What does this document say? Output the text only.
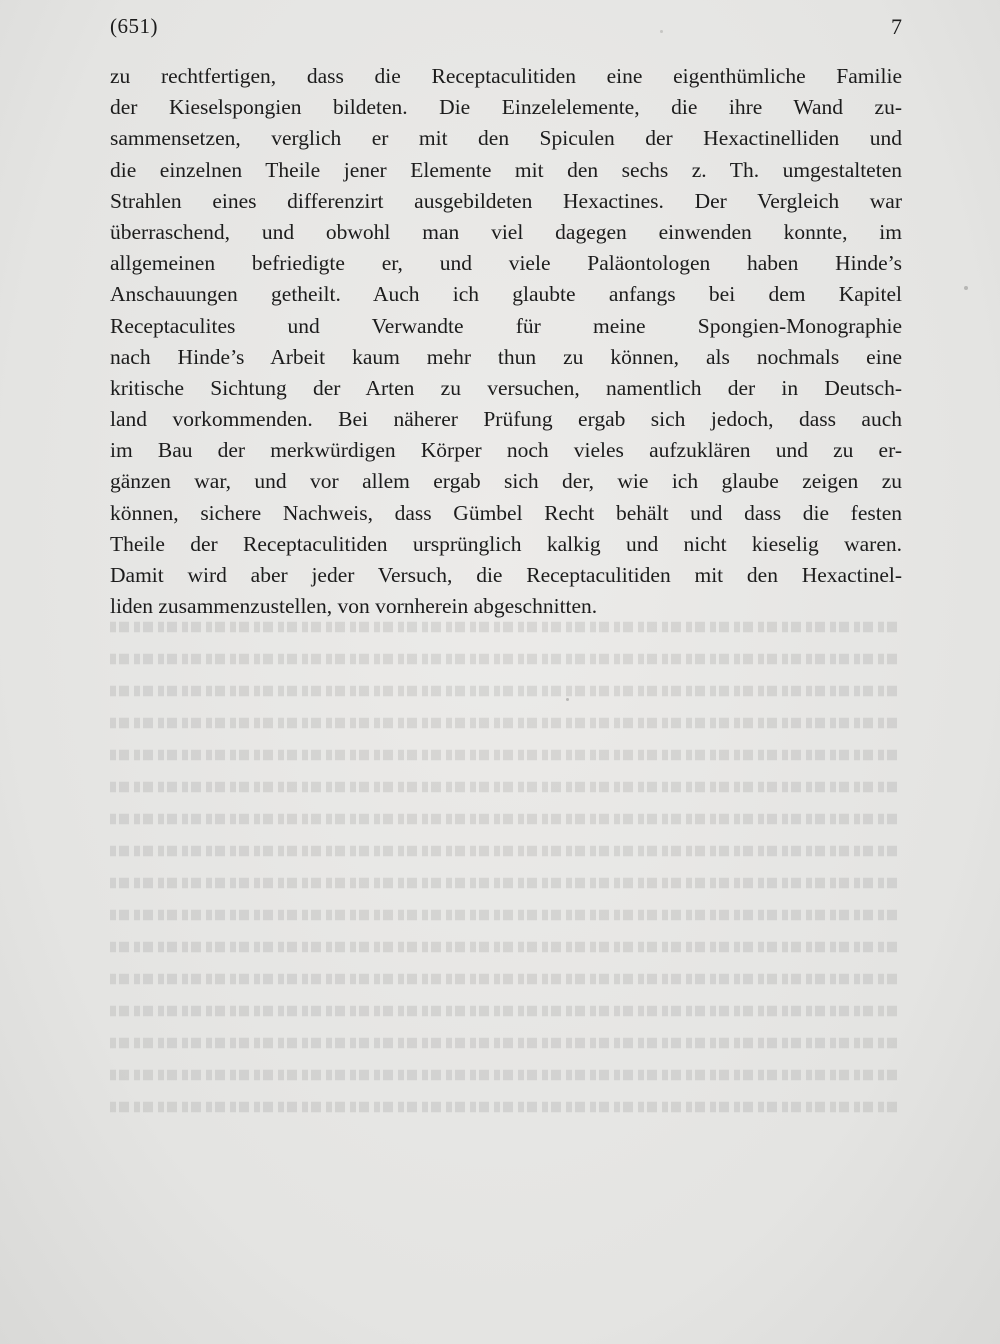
(651)	7
zu rechtfertigen, dass die Receptaculitiden eine eigenthümliche Familie
der Kieselspongien bildeten. Die Einzelelemente, die ihre Wand zu-
sammensetzen, verglich er mit den Spiculen der Hexactinelliden und
die einzelnen Theile jener Elemente mit den sechs z. Th. umgestalteten
Strahlen eines differenzirt ausgebildeten Hexactines. Der Vergleich war
überraschend, und obwohl man viel dagegen einwenden konnte, im
allgemeinen befriedigte er, und viele Paläontologen haben Hinde’s
Anschauungen getheilt. Auch ich glaubte anfangs bei dem Kapitel
Receptaculites und Verwandte für meine Spongien-Monographie
nach Hinde’s Arbeit kaum mehr thun zu können, als nochmals eine
kritische Sichtung der Arten zu versuchen, namentlich der in Deutsch-
land vorkommenden. Bei näherer Prüfung ergab sich jedoch, dass auch
im Bau der merkwürdigen Körper noch vieles aufzuklären und zu er-
gänzen war, und vor allem ergab sich der, wie ich glaube zeigen zu
können, sichere Nachweis, dass Gümbel Recht behält und dass die festen
Theile der Receptaculitiden ursprünglich kalkig und nicht kieselig waren.
Damit wird aber jeder Versuch, die Receptaculitiden mit den Hexactinel-
liden zusammenzustellen, von vornherein abgeschnitten.
